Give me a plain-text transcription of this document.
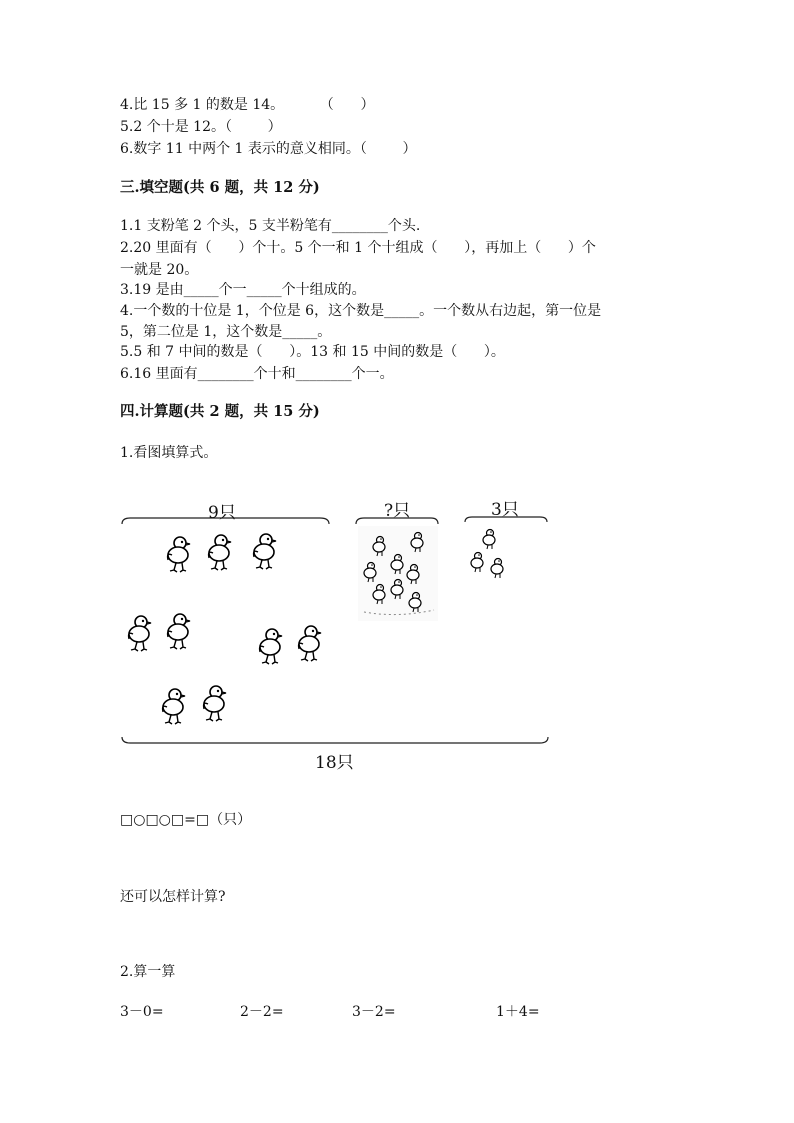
4.比 15 多 1 的数是 14。        （      ）
5.2 个十是 12。（        ）
6.数字 11 中两个 1 表示的意义相同。（        ）
三.填空题(共 6 题，共 12 分)
1.1 支粉笔 2 个头，5 支半粉笔有________个头.
2.20 里面有（      ）个十。5 个一和 1 个十组成（      ），再加上（      ）个
一就是 20。
3.19 是由_____个一_____个十组成的。
4.一个数的十位是 1，个位是 6，这个数是_____。一个数从右边起，第一位是
5，第二位是 1，这个数是_____。
5.5 和 7 中间的数是（      ）。13 和 15 中间的数是（      ）。
6.16 里面有________个十和________个一。
四.计算题(共 2 题，共 15 分)
1.看图填算式。
9只	?只	3只
18只
□○□○□=□（只）
还可以怎样计算?
2.算一算
3－0=	2－2=	3－2=	1＋4=
